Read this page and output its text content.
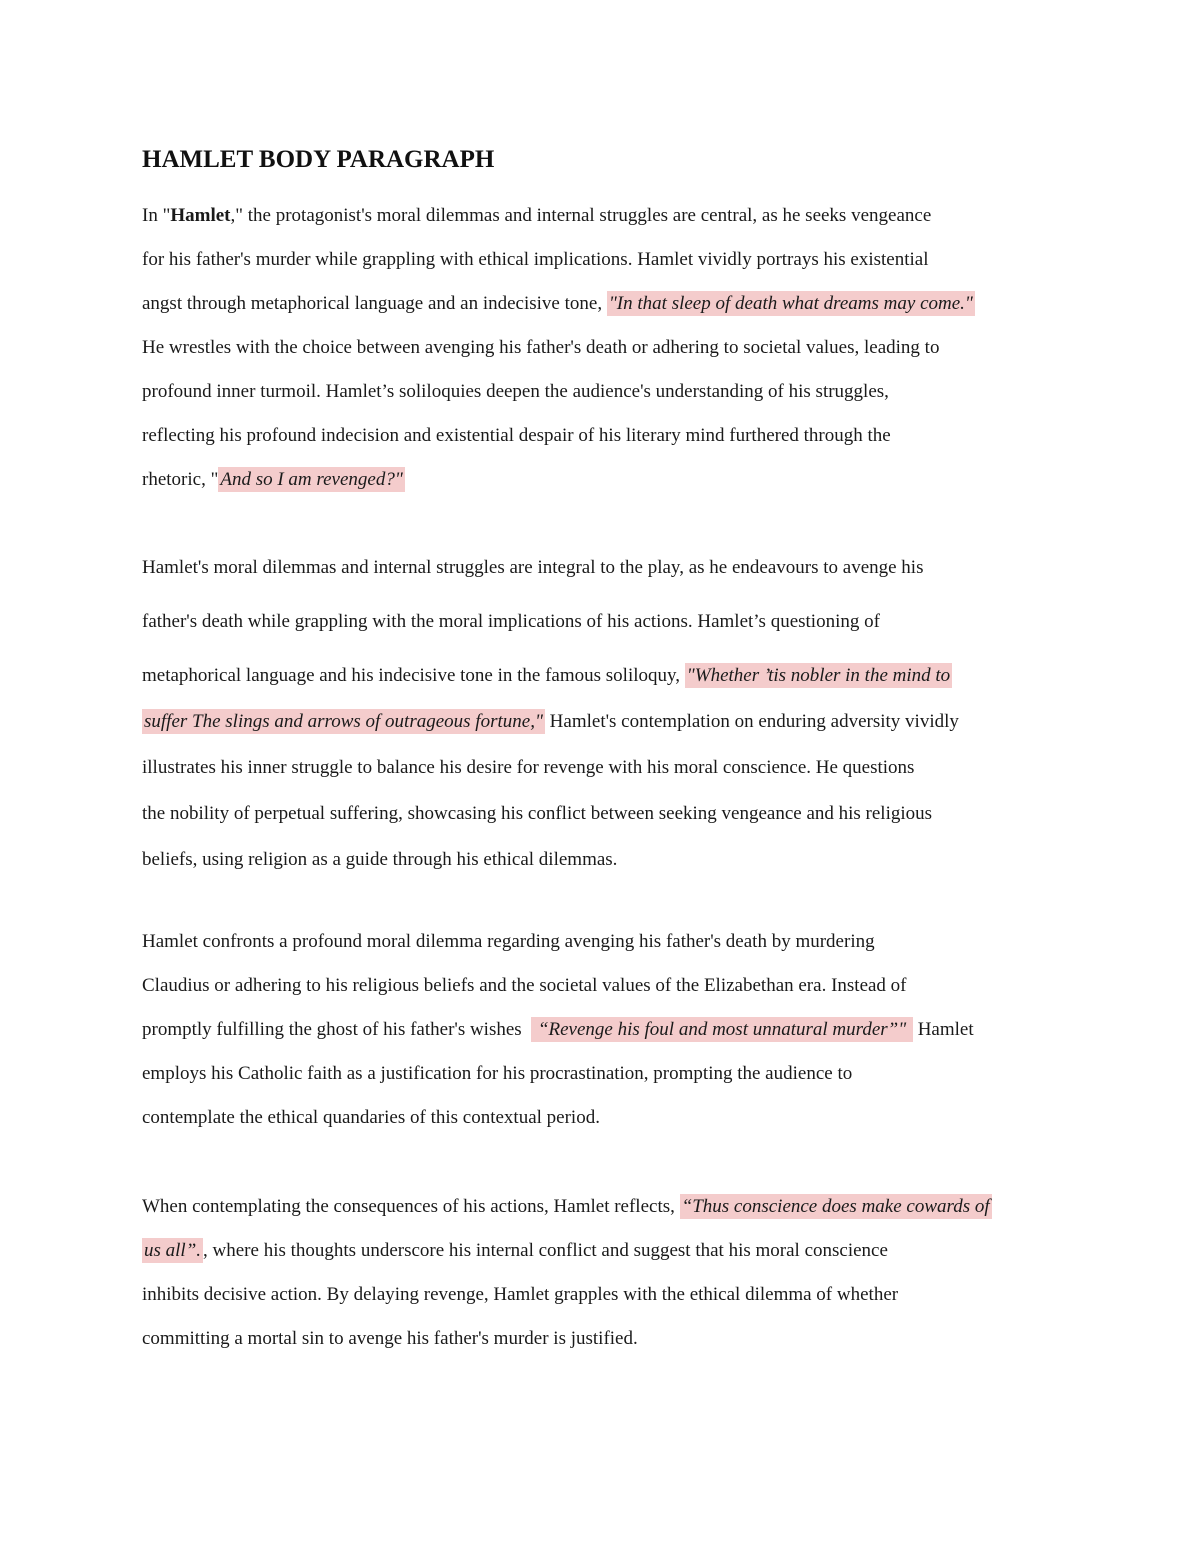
HAMLET BODY PARAGRAPH
In "Hamlet," the protagonist's moral dilemmas and internal struggles are central, as he seeks vengeance
for his father's murder while grappling with ethical implications. Hamlet vividly portrays his existential
angst through metaphorical language and an indecisive tone, "In that sleep of death what dreams may come."
He wrestles with the choice between avenging his father's death or adhering to societal values, leading to
profound inner turmoil. Hamlet’s soliloquies deepen the audience's understanding of his struggles,
reflecting his profound indecision and existential despair of his literary mind furthered through the
rhetoric, " And so I am revenged?"
Hamlet's moral dilemmas and internal struggles are integral to the play, as he endeavours to avenge his
father's death while grappling with the moral implications of his actions. Hamlet’s questioning of
metaphorical language and his indecisive tone in the famous soliloquy, "Whether ’tis nobler in the mind to
suffer The slings and arrows of outrageous fortune," Hamlet's contemplation on enduring adversity vividly
illustrates his inner struggle to balance his desire for revenge with his moral conscience. He questions
the nobility of perpetual suffering, showcasing his conflict between seeking vengeance and his religious
beliefs, using religion as a guide through his ethical dilemmas.
Hamlet confronts a profound moral dilemma regarding avenging his father's death by murdering
Claudius or adhering to his religious beliefs and the societal values of the Elizabethan era. Instead of
promptly fulfilling the ghost of his father's wishes   “Revenge his foul and most unnatural murder”"  Hamlet
employs his Catholic faith as a justification for his procrastination, prompting the audience to
contemplate the ethical quandaries of this contextual period.
When contemplating the consequences of his actions, Hamlet reflects, “Thus conscience does make cowards of
us all”. , where his thoughts underscore his internal conflict and suggest that his moral conscience
inhibits decisive action. By delaying revenge, Hamlet grapples with the ethical dilemma of whether
committing a mortal sin to avenge his father's murder is justified.
